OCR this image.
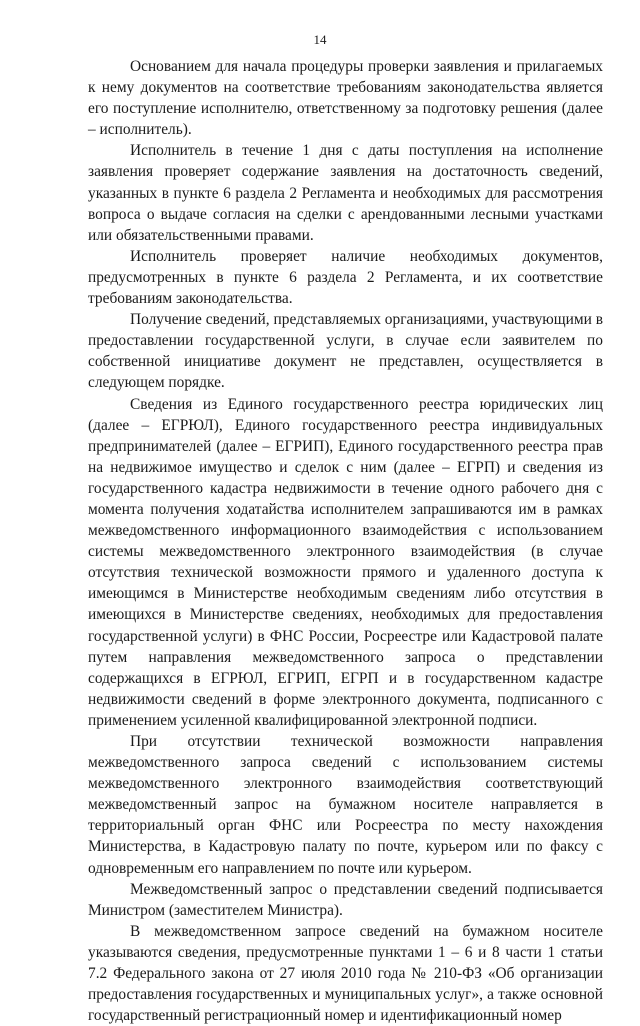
14

Основанием для начала процедуры проверки заявления и прилагаемых к нему документов на соответствие требованиям законодательства является его поступление исполнителю, ответственному за подготовку решения (далее – исполнитель).

Исполнитель в течение 1 дня с даты поступления на исполнение заявления проверяет содержание заявления на достаточность сведений, указанных в пункте 6 раздела 2 Регламента и необходимых для рассмотрения вопроса о выдаче согласия на сделки с арендованными лесными участками или обязательственными правами.

Исполнитель проверяет наличие необходимых документов, предусмотренных в пункте 6 раздела 2 Регламента, и их соответствие требованиям законодательства.

Получение сведений, представляемых организациями, участвующими в предоставлении государственной услуги, в случае если заявителем по собственной инициативе документ не представлен, осуществляется в следующем порядке.

Сведения из Единого государственного реестра юридических лиц (далее – ЕГРЮЛ), Единого государственного реестра индивидуальных предпринимателей (далее – ЕГРИП), Единого государственного реестра прав на недвижимое имущество и сделок с ним (далее – ЕГРП) и сведения из государственного кадастра недвижимости в течение одного рабочего дня с момента получения ходатайства исполнителем запрашиваются им в рамках межведомственного информационного взаимодействия с использованием системы межведомственного электронного взаимодействия (в случае отсутствия технической возможности прямого и удаленного доступа к имеющимся в Министерстве необходимым сведениям либо отсутствия в имеющихся в Министерстве сведениях, необходимых для предоставления государственной услуги) в ФНС России, Росреестре или Кадастровой палате путем направления межведомственного запроса о представлении содержащихся в ЕГРЮЛ, ЕГРИП, ЕГРП и в государственном кадастре недвижимости сведений в форме электронного документа, подписанного с применением усиленной квалифицированной электронной подписи.

При отсутствии технической возможности направления межведомственного запроса сведений с использованием системы межведомственного электронного взаимодействия соответствующий межведомственный запрос на бумажном носителе направляется в территориальный орган ФНС или Росреестра по месту нахождения Министерства, в Кадастровую палату по почте, курьером или по факсу с одновременным его направлением по почте или курьером.

Межведомственный запрос о представлении сведений подписывается Министром (заместителем Министра).

В межведомственном запросе сведений на бумажном носителе указываются сведения, предусмотренные пунктами 1 – 6 и 8 части 1 статьи 7.2 Федерального закона от 27 июля 2010 года № 210-ФЗ «Об организации предоставления государственных и муниципальных услуг», а также основной государственный регистрационный номер и идентификационный номер
